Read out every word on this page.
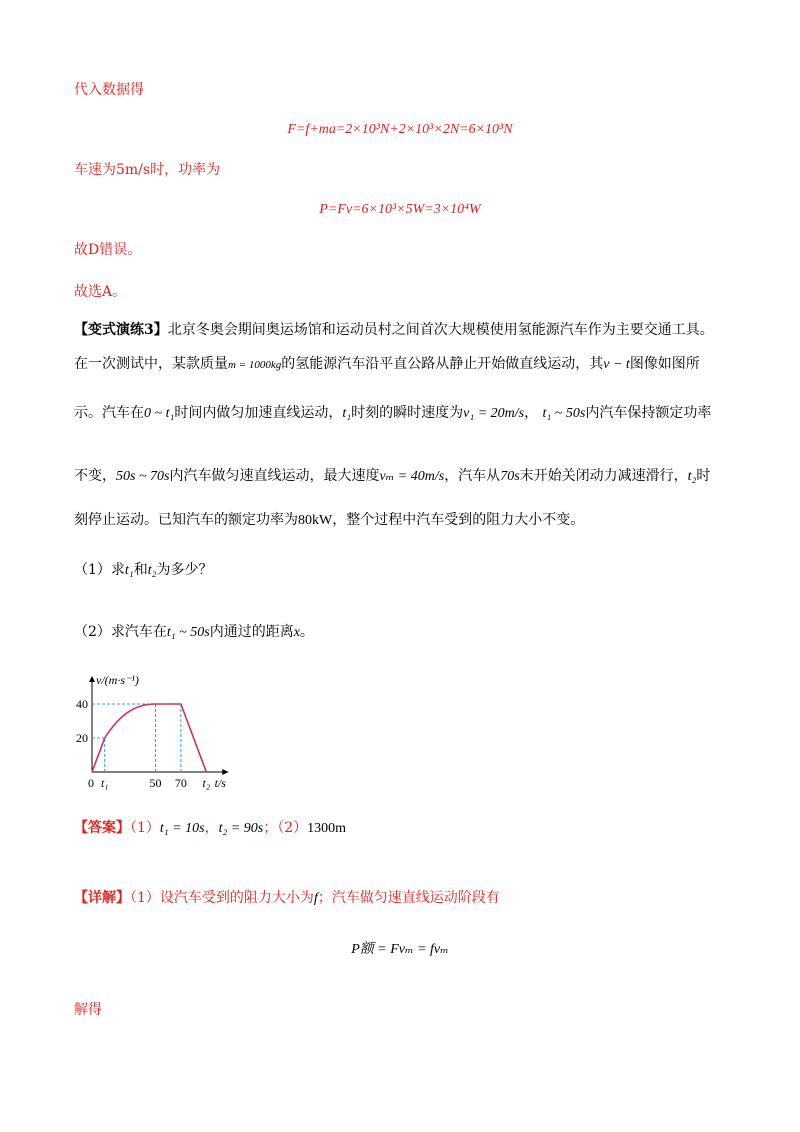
代入数据得
F=f+ma=2×10³N+2×10³×2N=6×10³N
车速为5m/s时，功率为
P=Fv=6×10³×5W=3×10⁴W
故D错误。
故选A。
【变式演练3】北京冬奥会期间奥运场馆和运动员村之间首次大规模使用氢能源汽车作为主要交通工具。
在一次测试中，某款质量m = 1000kg的氢能源汽车沿平直公路从静止开始做直线运动，其v − t图像如图所
示。汽车在0 ~ t₁时间内做匀加速直线运动，t₁时刻的瞬时速度为v₁ = 20m/s， t₁ ~ 50s内汽车保持额定功率
不变，50s ~ 70s内汽车做匀速直线运动，最大速度vₘ = 40m/s，汽车从70s末开始关闭动力减速滑行，t₂时
刻停止运动。已知汽车的额定功率为80kW，整个过程中汽车受到的阻力大小不变。
（1）求t₁和t₂为多少？
（2）求汽车在t₁ ~ 50s内通过的距离x。
0 t₁	50 70 t₂
20
40
v/(m·s⁻¹)
t/s
【答案】（1）t₁ = 10s，t₂ = 90s；（2）1300m
【详解】（1）设汽车受到的阻力大小为f；汽车做匀速直线运动阶段有
P额 = Fvₘ = fvₘ
解得
